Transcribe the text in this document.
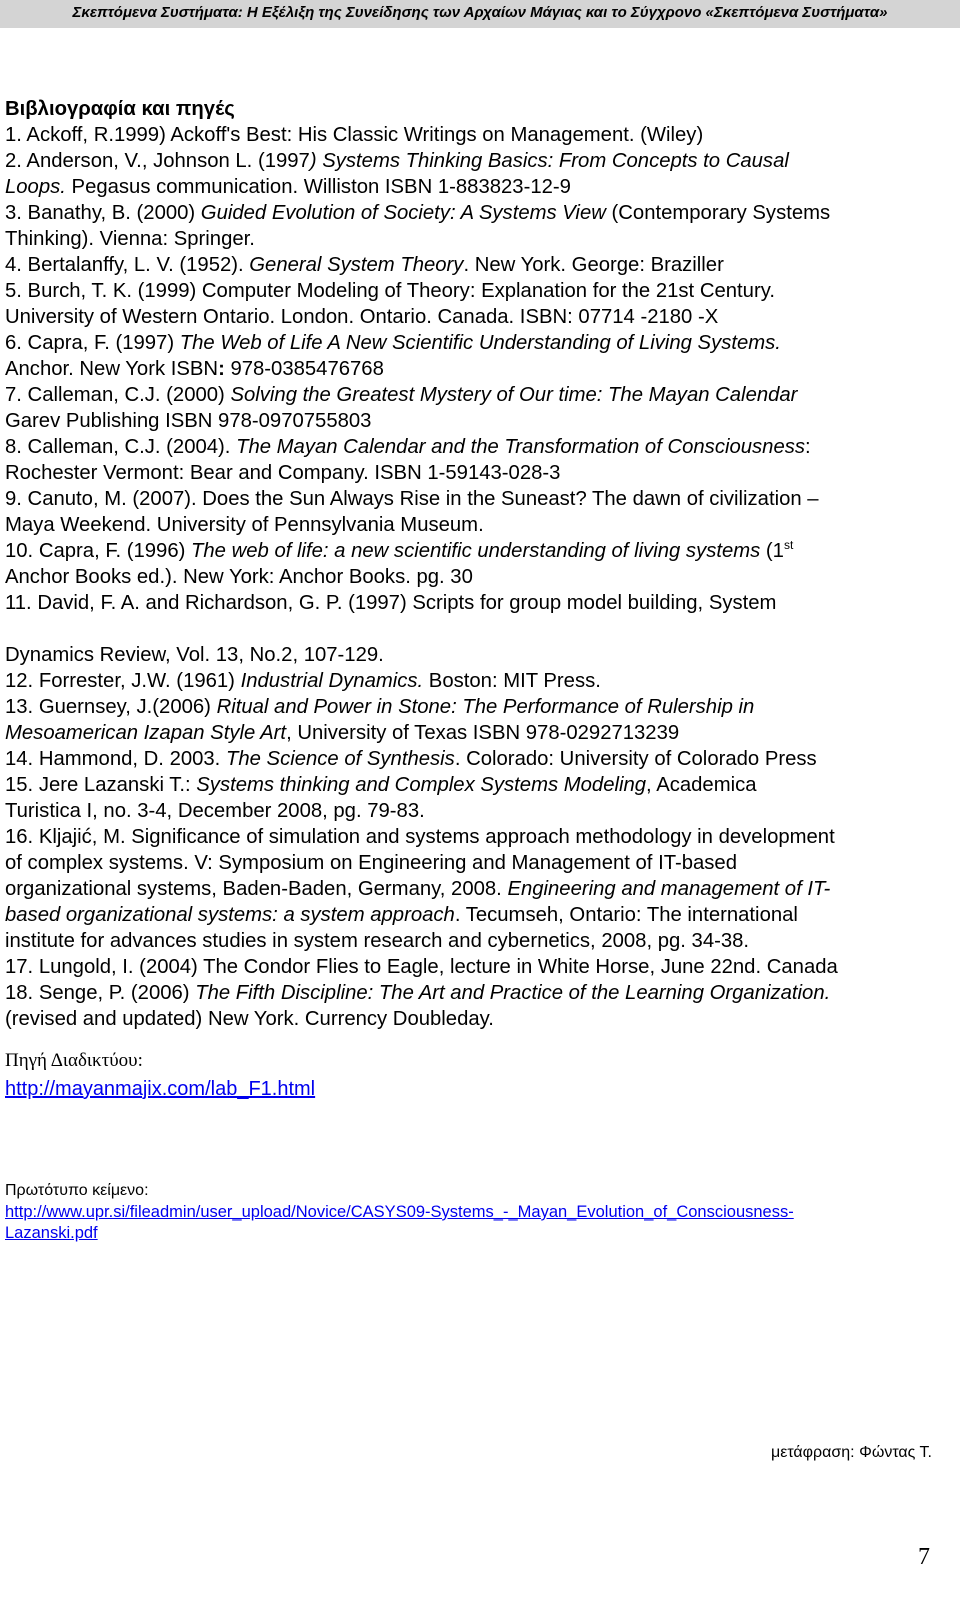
Σκεπτόμενα Συστήματα: Η Εξέλιξη της Συνείδησης των Αρχαίων Μάγιας και το Σύγχρονο «Σκεπτόμενα Συστήματα»
Βιβλιογραφία και πηγές

1. Ackoff, R.1999) Ackoff's Best: His Classic Writings on Management. (Wiley)

2. Anderson, V., Johnson L. (1997) Systems Thinking Basics: From Concepts to Causal
Loops. Pegasus communication. Williston ISBN 1-883823-12-9

3. Banathy, B. (2000) Guided Evolution of Society: A Systems View (Contemporary Systems
Thinking). Vienna: Springer.

4. Bertalanffy, L. V. (1952). General System Theory. New York. George: Braziller

5. Burch, T. K. (1999) Computer Modeling of Theory: Explanation for the 21st Century.
University of Western Ontario. London. Ontario. Canada. ISBN: 07714 -2180 -X

6. Capra, F. (1997) The Web of Life A New Scientific Understanding of Living Systems.
Anchor. New York ISBN: 978-0385476768

7. Calleman, C.J. (2000) Solving the Greatest Mystery of Our time: The Mayan Calendar
Garev Publishing ISBN 978-0970755803

8. Calleman, C.J. (2004). The Mayan Calendar and the Transformation of Consciousness:
Rochester Vermont: Bear and Company. ISBN 1-59143-028-3

9. Canuto, M. (2007). Does the Sun Always Rise in the Suneast? The dawn of civilization –
Maya Weekend. University of Pennsylvania Museum.

10. Capra, F. (1996) The web of life: a new scientific understanding of living systems (1st
Anchor Books ed.). New York: Anchor Books. pg. 30

11. David, F. A. and Richardson, G. P. (1997) Scripts for group model building, System

Dynamics Review, Vol. 13, No.2, 107-129.

12. Forrester, J.W. (1961) Industrial Dynamics. Boston: MIT Press.

13. Guernsey, J.(2006) Ritual and Power in Stone: The Performance of Rulership in
Mesoamerican Izapan Style Art, University of Texas ISBN 978-0292713239

14. Hammond, D. 2003. The Science of Synthesis. Colorado: University of Colorado Press

15. Jere Lazanski T.: Systems thinking and Complex Systems Modeling, Academica
Turistica I, no. 3-4, December 2008, pg. 79-83.

16. Kljajić, M. Significance of simulation and systems approach methodology in development
of complex systems. V: Symposium on Engineering and Management of IT-based
organizational systems, Baden-Baden, Germany, 2008. Engineering and management of IT-
based organizational systems: a system approach. Tecumseh, Ontario: The international
institute for advances studies in system research and cybernetics, 2008, pg. 34-38.

17. Lungold, I. (2004) The Condor Flies to Eagle, lecture in White Horse, June 22nd. Canada

18. Senge, P. (2006) The Fifth Discipline: The Art and Practice of the Learning Organization.
(revised and updated) New York. Currency Doubleday.

Πηγή Διαδικτύου:
http://mayanmajix.com/lab_F1.html
Πρωτότυπο κείμενο:
http://www.upr.si/fileadmin/user_upload/Novice/CASYS09-Systems_-_Mayan_Evolution_of_Consciousness-
Lazanski.pdf
μετάφραση: Φώντας Τ.
7
